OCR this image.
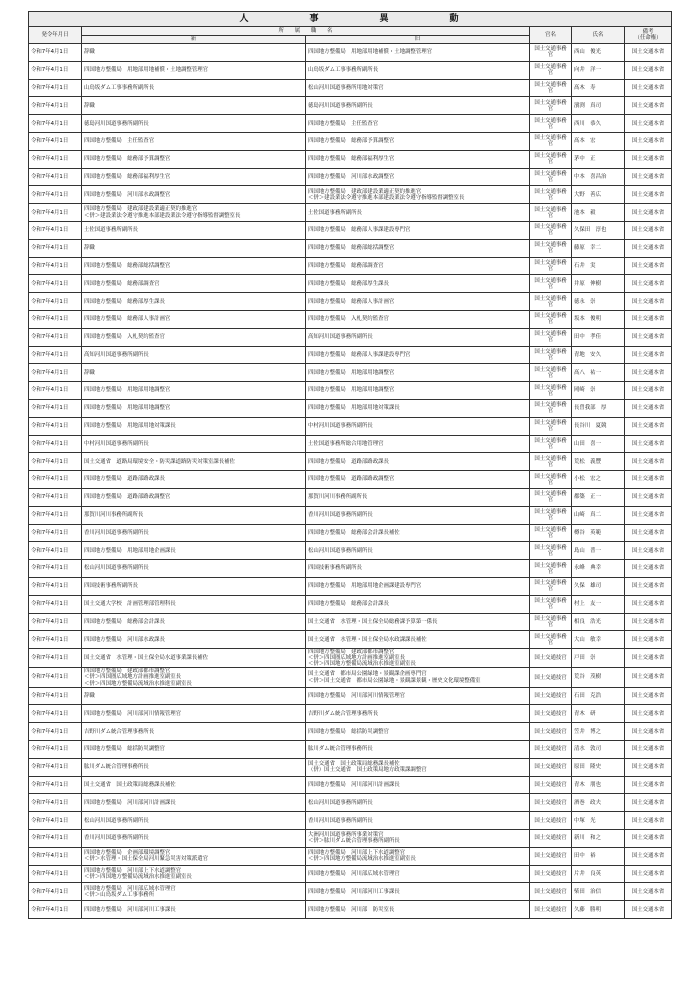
人　事　異　動					
発令年月日	所　　属　　職　　名		官名	氏名	備考
（任命権）
	新	旧			
令和7年4月1日	辞職	四国地方整備局　用地部用地補償・土地調整管理官	国土交通事務官	西山　俊光	国土交通本省
令和7年4月1日	四国地方整備局　用地部用地補償・土地調整管理官	山鳥坂ダム工事事務所副所長	国土交通事務官	向井　洋一	国土交通本省
令和7年4月1日	山鳥坂ダム工事事務所副所長	松山河川国道事務所用地対策官	国土交通事務官	髙木　寿	国土交通本省
令和7年4月1日	辞職	徳島河川国道事務所副所長	国土交通事務官	濱渕　真司	国土交通本省
令和7年4月1日	徳島河川国道事務所副所長	四国地方整備局　主任監査官	国土交通事務官	西川　恭久	国土交通本省
令和7年4月1日	四国地方整備局　主任監査官	四国地方整備局　総務部予算調整官	国土交通事務官	髙本　宏	国土交通本省
令和7年4月1日	四国地方整備局　総務部予算調整官	四国地方整備局　総務部福利厚生官	国土交通事務官	茅中　正	国土交通本省
令和7年4月1日	四国地方整備局　総務部福利厚生官	四国地方整備局　河川部水政調整官	国土交通事務官	中本　喜昌治	国土交通本省
令和7年4月1日	四国地方整備局　河川部水政調整官	四国地方整備局　建政部建設業適正契約推進官
＜併＞建設業法令遵守推進本部建設業法令遵守指導監督調整室長	国土交通事務官	大野　善広	国土交通本省
令和7年4月1日	四国地方整備局　建政部建設業適正契約推進官
＜併＞建設業法令遵守推進本部建設業法令遵守指導監督調整室長	土佐国道事務所副所長	国土交通事務官	池本　毅	国土交通本省
令和7年4月1日	土佐国道事務所副所長	四国地方整備局　総務部人事課建設専門官	国土交通事務官	久保田　淳也	国土交通本省
令和7年4月1日	辞職	四国地方整備局　総務部総括調整官	国土交通事務官	藤原　幸二	国土交通本省
令和7年4月1日	四国地方整備局　総務部総括調整官	四国地方整備局　総務部調査官	国土交通事務官	石井　実	国土交通本省
令和7年4月1日	四国地方整備局　総務部調査官	四国地方整備局　総務部厚生課長	国土交通事務官	井原　伸樹	国土交通本省
令和7年4月1日	四国地方整備局　総務部厚生課長	四国地方整備局　総務部人事計画官	国土交通事務官	徳永　崇	国土交通本省
令和7年4月1日	四国地方整備局　総務部人事計画官	四国地方整備局　入札契約監査官	国土交通事務官	坂本　俊明	国土交通本省
令和7年4月1日	四国地方整備局　入札契約監査官	高知河川国道事務所副所長	国土交通事務官	田中　孝佳	国土交通本省
令和7年4月1日	高知河川国道事務所副所長	四国地方整備局　総務部人事課建設専門官	国土交通事務官	青地　安久	国土交通本省
令和7年4月1日	辞職	四国地方整備局　用地部用地調整官	国土交通事務官	髙八　祐一	国土交通本省
令和7年4月1日	四国地方整備局　用地部用地調整官	四国地方整備局　用地部用地調整官	国土交通事務官	岡崎　崇	国土交通本省
令和7年4月1日	四国地方整備局　用地部用地調整官	四国地方整備局　用地部用地対策課長	国土交通事務官	長曽我部　厚	国土交通本省
令和7年4月1日	四国地方整備局　用地部用地対策課長	中村河川国道事務所副所長	国土交通事務官	長谷川　夏競	国土交通本省
令和7年4月1日	中村河川国道事務所副所長	土佐国道事務所総合用地管理官	国土交通事務官	山田　喜一	国土交通本省
令和7年4月1日	国土交通省　道路局環境安全・防災課道路防災対策室課長補佐	四国地方整備局　道路部路政課長	国土交通事務官	荒松　義豐	国土交通本省
令和7年4月1日	四国地方整備局　道路部路政課長	四国地方整備局　道路部路政調整官	国土交通事務官	小松　宏之	国土交通本省
令和7年4月1日	四国地方整備局　道路部路政調整官	那賀川河川事務所副所長	国土交通事務官	都築　正一	国土交通本省
令和7年4月1日	那賀川河川事務所副所長	香川河川国道事務所副所長	国土交通事務官	山崎　真二	国土交通本省
令和7年4月1日	香川河川国道事務所副所長	四国地方整備局　総務部会計課長補佐	国土交通事務官	樽谷　英範	国土交通本省
令和7年4月1日	四国地方整備局　用地部用地企画課長	松山河川国道事務所副所長	国土交通事務官	島山　普一	国土交通本省
令和7年4月1日	松山河川国道事務所副所長	四国技術事務所副所長	国土交通事務官	永峰　典幸	国土交通本省
令和7年4月1日	四国技術事務所副所長	四国地方整備局　用地部用地企画課建設専門官	国土交通事務官	久保　雄司	国土交通本省
令和7年4月1日	国土交通大学校　計画管理部管理科長	四国地方整備局　総務部会計課長	国土交通事務官	村上　友一	国土交通本省
令和7年4月1日	四国地方整備局　総務部会計課長	国土交通省　水管理・国土保全局総務課予算第一係長	国土交通事務官	相良　浩光	国土交通本省
令和7年4月1日	四国地方整備局　河川部水政課長	国土交通省　水管理・国土保全局水政課課長補佐	国土交通事務官	大山　敏幸	国土交通本省
令和7年4月1日	国土交通省　水管理・国土保全局水道事業課長補佐	四国地方整備局　建政部都市調整官
＜併＞四国圏広域地方計画推進室副室長
＜併＞四国地方整備局流域治水推進室副室長	国土交通技官	戸田　崇	国土交通本省
令和7年4月1日	四国地方整備局　建政部都市調整官
＜併＞四国圏広域地方計画推進室副室長
＜併＞四国地方整備局流域治水推進室副室長	国土交通省　都市局公園緑地・景観課企画専門官
＜併＞国土交通省　都市局公園緑地・景観課景観・歴史文化環境整備室	国土交通技官	荒谷　茂樹	国土交通本省
令和7年4月1日	辞職	四国地方整備局　河川部河川情報管理官	国土交通技官	石田　克浩	国土交通本省
令和7年4月1日	四国地方整備局　河川部河川情報管理官	吉野川ダム統合管理事務所長	国土交通技官	青木　研	国土交通本省
令和7年4月1日	吉野川ダム統合管理事務所長	四国地方整備局　総括防災調整官	国土交通技官	笠井　博之	国土交通本省
令和7年4月1日	四国地方整備局　総括防災調整官	肱川ダム統合管理事務所長	国土交通技官	清水　敦司	国土交通本省
令和7年4月1日	肱川ダム統合管理事務所長	国土交通省　国土政策局総務課長補佐
（併）国土交通省　国土政策局地方政策課調整官	国土交通技官	原田　隆史	国土交通本省
令和7年4月1日	国土交通省　国土政策局総務課長補佐	四国地方整備局　河川部河川計画課長	国土交通技官	青木　朋也	国土交通本省
令和7年4月1日	四国地方整備局　河川部河川計画課長	松山河川国道事務所副所長	国土交通技官	酒巻　政夫	国土交通本省
令和7年4月1日	松山河川国道事務所副所長	香川河川国道事務所副所長	国土交通技官	中塚　光	国土交通本省
令和7年4月1日	香川河川国道事務所副所長	大洲河川国道事務所事業対策官
＜併＞肱川ダム統合管理事務所副所長	国土交通技官	新川　和之	国土交通本省
令和7年4月1日	四国地方整備局　企画部環境調整官
＜併＞水管理・国土保全局河川緊急災害対策派遣官	四国地方整備局　河川部上下水道調整官
＜併＞四国地方整備局流域治水推進室副室長	国土交通技官	田中　裕	国土交通本省
令和7年4月1日	四国地方整備局　河川部上下水道調整官
＜併＞四国地方整備局流域治水推進室副室長	四国地方整備局　河川部広域水管理官	国土交通技官	片井　良英	国土交通本省
令和7年4月1日	四国地方整備局　河川部広域水管理官
＜併＞山鳥坂ダム工事事務所	四国地方整備局　河川部河川工事課長	国土交通技官	柴田　治信	国土交通本省
令和7年4月1日	四国地方整備局　河川部河川工事課長	四国地方整備局　河川部　防災室長	国土交通技官	久藤　勝明	国土交通本省
